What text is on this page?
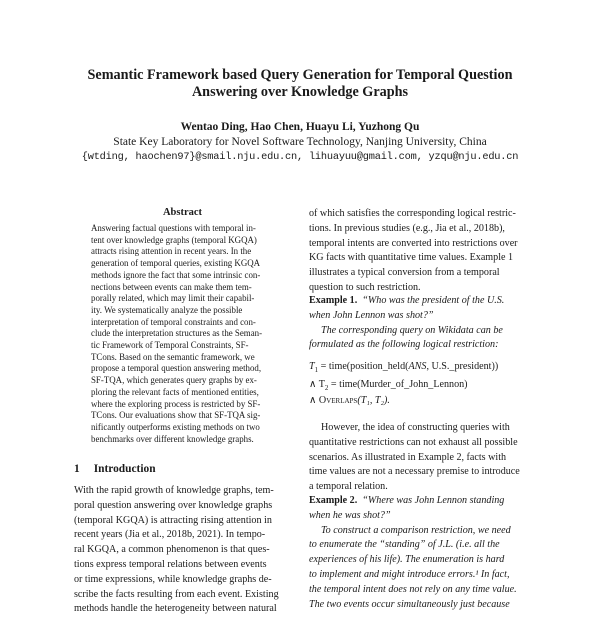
Semantic Framework based Query Generation for Temporal Question
Answering over Knowledge Graphs
Wentao Ding, Hao Chen, Huayu Li, Yuzhong Qu
State Key Laboratory for Novel Software Technology, Nanjing University, China
{wtding, haochen97}@smail.nju.edu.cn, lihuayuu@gmail.com, yzqu@nju.edu.cn
Abstract
Answering factual questions with temporal in-
tent over knowledge graphs (temporal KGQA)
attracts rising attention in recent years. In the
generation of temporal queries, existing KGQA
methods ignore the fact that some intrinsic con-
nections between events can make them tem-
porally related, which may limit their capabil-
ity. We systematically analyze the possible
interpretation of temporal constraints and con-
clude the interpretation structures as the Seman-
tic Framework of Temporal Constraints, SF-
TCons. Based on the semantic framework, we
propose a temporal question answering method,
SF-TQA, which generates query graphs by ex-
ploring the relevant facts of mentioned entities,
where the exploring process is restricted by SF-
TCons. Our evaluations show that SF-TQA sig-
nificantly outperforms existing methods on two
benchmarks over different knowledge graphs.
1 Introduction
With the rapid growth of knowledge graphs, tem-
poral question answering over knowledge graphs
(temporal KGQA) is attracting rising attention in
recent years (Jia et al., 2018b, 2021). In tempo-
ral KGQA, a common phenomenon is that ques-
tions express temporal relations between events
or time expressions, while knowledge graphs de-
scribe the facts resulting from each event. Existing
methods handle the heterogeneity between natural
of which satisfies the corresponding logical restric-
tions. In previous studies (e.g., Jia et al., 2018b),
temporal intents are converted into restrictions over
KG facts with quantitative time values. Example 1
illustrates a typical conversion from a temporal
question to such restriction.
Example 1. “Who was the president of the U.S.
when John Lennon was shot?”
The corresponding query on Wikidata can be
formulated as the following logical restriction:
$T_1$ = time(position_held(ANS, U.S._president))
∧ $T_2$ = time(Murder_of_John_Lennon)
∧ Overlaps(T₁, T₂).
However, the idea of constructing queries with
quantitative restrictions can not exhaust all possible
scenarios. As illustrated in Example 2, facts with
time values are not a necessary premise to introduce
a temporal relation.
Example 2. “Where was John Lennon standing
when he was shot?”
To construct a comparison restriction, we need
to enumerate the “standing” of J.L. (i.e. all the
experiences of his life). The enumeration is hard
to implement and might introduce errors.¹ In fact,
the temporal intent does not rely on any time value.
The two events occur simultaneously just because
